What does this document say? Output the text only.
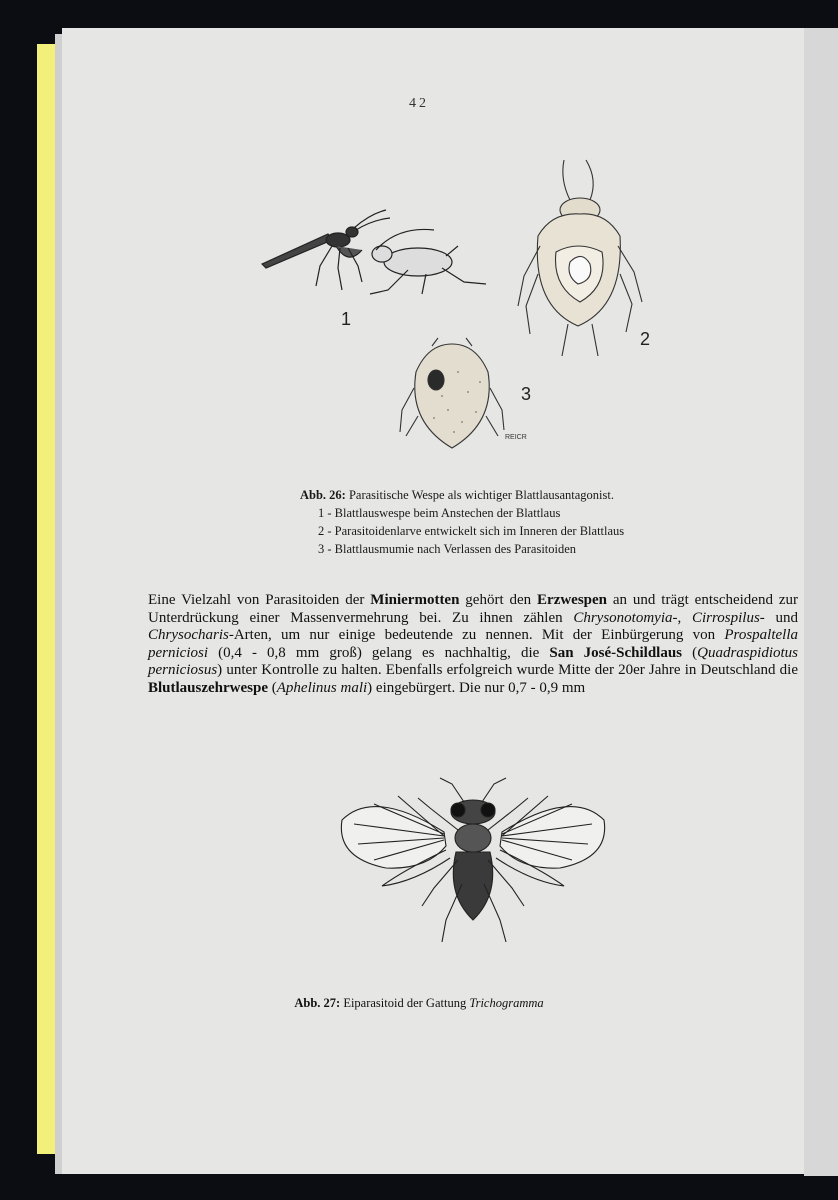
42
1
2
3
REICR
Abb. 26: Parasitische Wespe als wichtiger Blattlausantagonist.
1 - Blattlauswespe beim Anstechen der Blattlaus
2 - Parasitoidenlarve entwickelt sich im Inneren der Blattlaus
3 - Blattlausmumie nach Verlassen des Parasitoiden

Eine Vielzahl von Parasitoiden der Miniermotten gehört den Erzwespen an und trägt entscheidend zur Unterdrückung einer Massenvermehrung bei. Zu ihnen zählen Chrysonotomyia-, Cirrospilus- und Chrysocharis-Arten, um nur einige bedeutende zu nennen. Mit der Einbürgerung von Prospaltella perniciosi (0,4 - 0,8 mm groß) gelang es nachhaltig, die San José-Schildlaus (Quadraspidiotus perniciosus) unter Kontrolle zu halten. Ebenfalls erfolgreich wurde Mitte der 20er Jahre in Deutschland die Blutlauszehrwespe (Aphelinus mali) eingebürgert. Die nur 0,7 - 0,9 mm

Abb. 27: Eiparasitoid der Gattung Trichogramma
